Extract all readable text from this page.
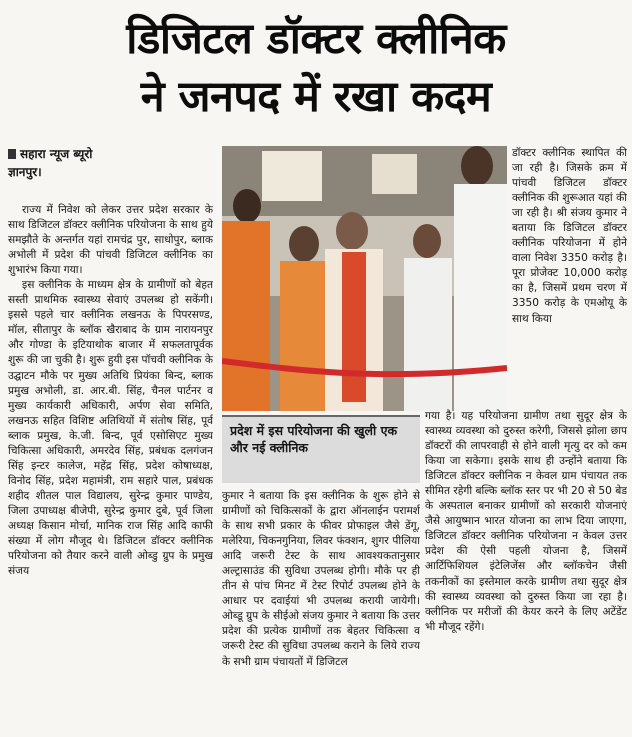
डिजिटल डॉक्टर क्लीनिक
ने जनपद में रखा कदम
सहारा न्यूज ब्यूरो
ज्ञानपुर।

राज्य में निवेश को लेकर उत्तर प्रदेश सरकार के साथ डिजिटल डॉक्टर क्लीनिक परियोजना के साथ हुये समझौते के अन्तर्गत यहां रामचंद्र पुर, साधोपुर, ब्लाक अभोली में प्रदेश की पांचवी डिजिटल क्लीनिक का शुभारंभ किया गया।

इस क्लीनिक के माध्यम क्षेत्र के ग्रामीणों को बेहत सस्ती प्राथमिक स्वास्थ्य सेवाएं उपलब्ध हो सकेंगी। इससे पहले चार क्लीनिक लखनऊ के पिपरसण्ड, मॉल, सीतापुर के ब्लॉक खैराबाद के ग्राम नारायनपुर और गोण्डा के इटियाथोक बाजार में सफलतापूर्वक शुरू की जा चुकी है। शुरू हुयी इस पॉचवी क्लीनिक के उद्घाटन मौके पर मुख्य अतिथि प्रियंका बिन्द, ब्लाक प्रमुख अभोली, डा. आर.बी. सिंह, चैनल पार्टनर व मुख्य कार्यकारी अधिकारी, अर्पण सेवा समिति, लखनऊ सहित विशिष्ट अतिथियों में संतोष सिंह, पूर्व ब्लाक प्रमुख, के.जी. बिन्द, पूर्व एसोसिएट मुख्य चिकित्सा अधिकारी, अमरदेव सिंह, प्रबंधक दलगंजन सिंह इन्टर कालेज, महेंद्र सिंह, प्रदेश कोषाध्यक्ष, विनोद सिंह, प्रदेश महामंत्री, राम सहारे पाल, प्रबंधक शहीद शीतल पाल विद्यालय, सुरेन्द्र कुमार पाण्डेय, जिला उपाध्यक्ष बीजेपी, सुरेन्द्र कुमार दुबे, पूर्व जिला अध्यक्ष किसान मोर्चा, मानिक राज सिंह आदि काफी संख्या में लोग मौजूद थे। डिजिटल डॉक्टर क्लीनिक परियोजना को तैयार करने वाली ओब्डु ग्रुप के प्रमुख संजय

प्रदेश में इस परियोजना की खुली एक और नई क्लीनिक

कुमार ने बताया कि इस क्लीनिक के शुरू होने से ग्रामीणों को चिकित्सकों के द्वारा ऑनलाईन परामर्श के साथ सभी प्रकार के फीवर प्रोफाइल जैसे डेंगू, मलेरिया, चिकनगुनिया, लिवर फंक्शन, शुगर पीलिया आदि जरूरी टेस्ट के साथ आवश्यकतानुसार अल्ट्रासाउंड की सुविधा उपलब्ध होगी। मौके पर ही तीन से पांच मिनट में टेस्ट रिपोर्ट उपलब्ध होने के आधार पर दवाईयां भी उपलब्ध करायी जायेगी। ओब्डू ग्रुप के सीईओ संजय कुमार ने बताया कि उत्तर प्रदेश की प्रत्येक ग्रामीणों तक बेहतर चिकित्सा व जरूरी टेस्ट की सुविधा उपलब्ध कराने के लिये राज्य के सभी ग्राम पंचायतों में डिजिटल

डॉक्टर क्लीनिक स्थापित की जा रही है। जिसके क्रम में पांचवी डिजिटल डॉक्टर क्लीनिक की शुरूआत यहां की जा रही है। श्री संजय कुमार ने बताया कि डिजिटल डॉक्टर क्लीनिक परियोजना में होने वाला निवेश 3350 करोड़ है। पूरा प्रोजेक्ट 10,000 करोड़ का है, जिसमें प्रथम चरण में 3350 करोड़ के एमओयू के साथ किया

गया है। यह परियोजना ग्रामीण तथा सुदूर क्षेत्र के स्वास्थ्य व्यवस्था को दुरुस्त करेगी, जिससे झोला छाप डॉक्टरों की लापरवाही से होने वाली मृत्यु दर को कम किया जा सकेगा। इसके साथ ही उन्होंने बताया कि डिजिटल डॉक्टर क्लीनिक न केवल ग्राम पंचायत तक सीमित रहेगी बल्कि ब्लॉक स्तर पर भी 20 से 50 बेड के अस्पताल बनाकर ग्रामीणों को सरकारी योजनाएं जैसे आयुष्मान भारत योजना का लाभ दिया जाएगा, डिजिटल डॉक्टर क्लीनिक परियोजना न केवल उत्तर प्रदेश की ऐसी पहली योजना है, जिसमें आर्टिफिशियल इंटेलिजेंस और ब्लॉकचेन जैसी तकनीकों का इस्तेमाल करके ग्रामीण तथा सुदूर क्षेत्र की स्वास्थ्य व्यवस्था को दुरुस्त किया जा रहा है। क्लीनिक पर मरीजों की केयर करने के लिए अटेंडेंट भी मौजूद रहेंगे।
